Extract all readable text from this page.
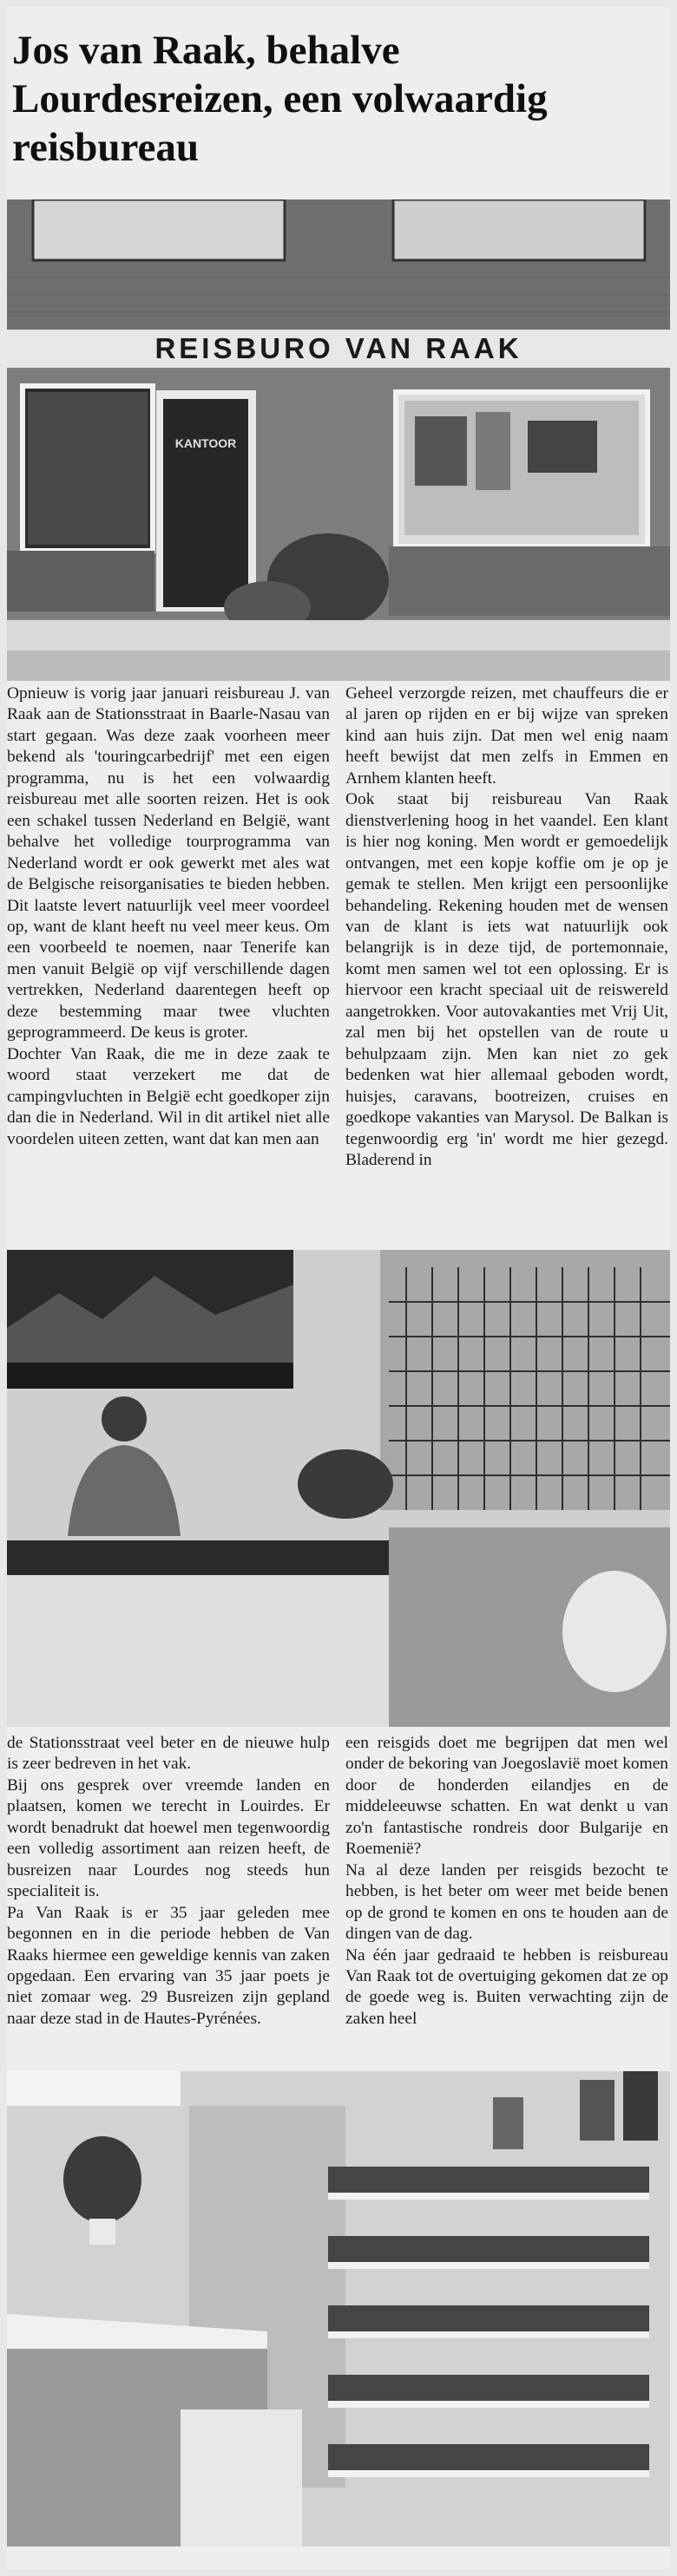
Jos van Raak, behalve Lourdesreizen, een volwaardig reisbureau
REISBURO VAN RAAK
KANTOOR

Opnieuw is vorig jaar januari reisbureau J. van Raak aan de Stationsstraat in Baarle-Nasau van start gegaan. Was deze zaak voorheen meer bekend als 'touringcarbedrijf' met een eigen programma, nu is het een volwaardig reisbureau met alle soorten reizen. Het is ook een schakel tussen Nederland en België, want behalve het volledige tourprogramma van Nederland wordt er ook gewerkt met ales wat de Belgische reisorganisaties te bieden hebben. Dit laatste levert natuurlijk veel meer voordeel op, want de klant heeft nu veel meer keus. Om een voorbeeld te noemen, naar Tenerife kan men vanuit België op vijf verschillende dagen vertrekken, Nederland daarentegen heeft op deze bestemming maar twee vluchten geprogrammeerd. De keus is groter.

Dochter Van Raak, die me in deze zaak te woord staat verzekert me dat de campingvluchten in België echt goedkoper zijn dan die in Nederland. Wil in dit artikel niet alle voordelen uiteen zetten, want dat kan men aan

Geheel verzorgde reizen, met chauffeurs die er al jaren op rijden en er bij wijze van spreken kind aan huis zijn. Dat men wel enig naam heeft bewijst dat men zelfs in Emmen en Arnhem klanten heeft.

Ook staat bij reisbureau Van Raak dienstverlening hoog in het vaandel. Een klant is hier nog koning. Men wordt er gemoedelijk ontvangen, met een kopje koffie om je op je gemak te stellen. Men krijgt een persoonlijke behandeling. Rekening houden met de wensen van de klant is iets wat natuurlijk ook belangrijk is in deze tijd, de portemonnaie, komt men samen wel tot een oplossing. Er is hiervoor een kracht speciaal uit de reiswereld aangetrokken. Voor autovakanties met Vrij Uit, zal men bij het opstellen van de route u behulpzaam zijn. Men kan niet zo gek bedenken wat hier allemaal geboden wordt, huisjes, caravans, bootreizen, cruises en goedkope vakanties van Marysol. De Balkan is tegenwoordig erg 'in' wordt me hier gezegd. Bladerend in

de Stationsstraat veel beter en de nieuwe hulp is zeer bedreven in het vak.

Bij ons gesprek over vreemde landen en plaatsen, komen we terecht in Louirdes. Er wordt benadrukt dat hoewel men tegenwoordig een volledig assortiment aan reizen heeft, de busreizen naar Lourdes nog steeds hun specialiteit is.

Pa Van Raak is er 35 jaar geleden mee begonnen en in die periode hebben de Van Raaks hiermee een geweldige kennis van zaken opgedaan. Een ervaring van 35 jaar poets je niet zomaar weg. 29 Busreizen zijn gepland naar deze stad in de Hautes-Pyrénées.

een reisgids doet me begrijpen dat men wel onder de bekoring van Joegoslavië moet komen door de honderden eilandjes en de middeleeuwse schatten. En wat denkt u van zo'n fantastische rondreis door Bulgarije en Roemenië?

Na al deze landen per reisgids bezocht te hebben, is het beter om weer met beide benen op de grond te komen en ons te houden aan de dingen van de dag.

Na één jaar gedraaid te hebben is reisbureau Van Raak tot de overtuiging gekomen dat ze op de goede weg is. Buiten verwachting zijn de zaken heel
